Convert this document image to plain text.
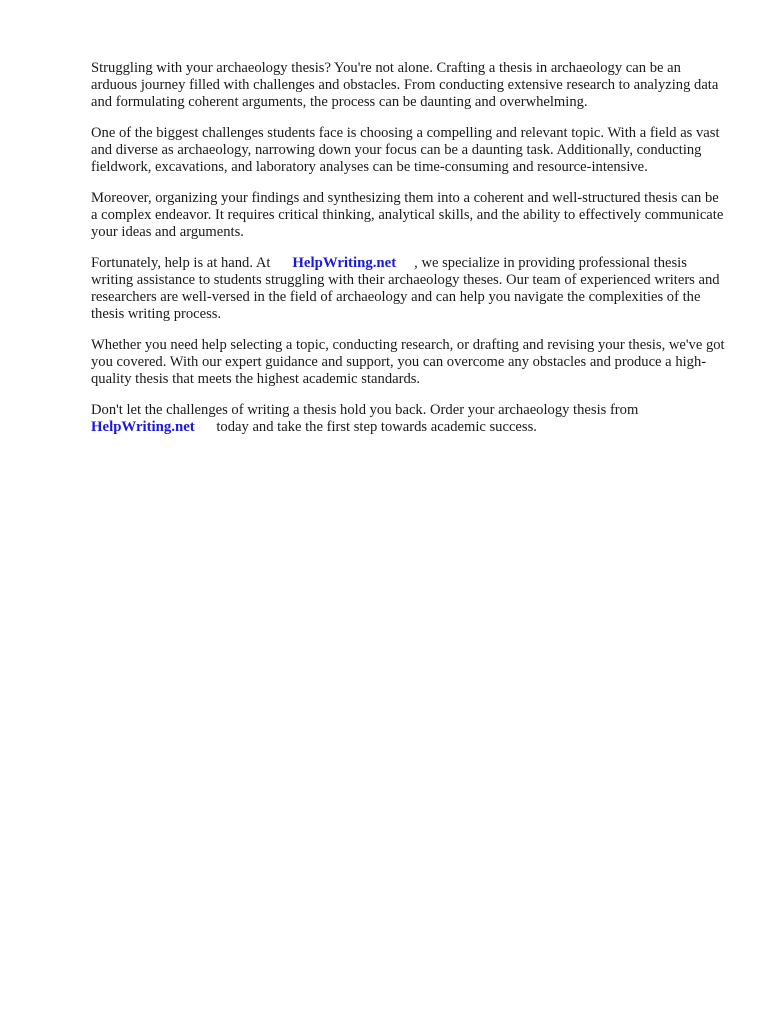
Struggling with your archaeology thesis? You're not alone. Crafting a thesis in archaeology can be an arduous journey filled with challenges and obstacles. From conducting extensive research to analyzing data and formulating coherent arguments, the process can be daunting and overwhelming.

One of the biggest challenges students face is choosing a compelling and relevant topic. With a field as vast and diverse as archaeology, narrowing down your focus can be a daunting task. Additionally, conducting fieldwork, excavations, and laboratory analyses can be time-consuming and resource-intensive.

Moreover, organizing your findings and synthesizing them into a coherent and well-structured thesis can be a complex endeavor. It requires critical thinking, analytical skills, and the ability to effectively communicate your ideas and arguments.

Fortunately, help is at hand. At HelpWriting.net , we specialize in providing professional thesis writing assistance to students struggling with their archaeology theses. Our team of experienced writers and researchers are well-versed in the field of archaeology and can help you navigate the complexities of the thesis writing process.

Whether you need help selecting a topic, conducting research, or drafting and revising your thesis, we've got you covered. With our expert guidance and support, you can overcome any obstacles and produce a high-quality thesis that meets the highest academic standards.

Don't let the challenges of writing a thesis hold you back. Order your archaeology thesis from
HelpWriting.net today and take the first step towards academic success.
